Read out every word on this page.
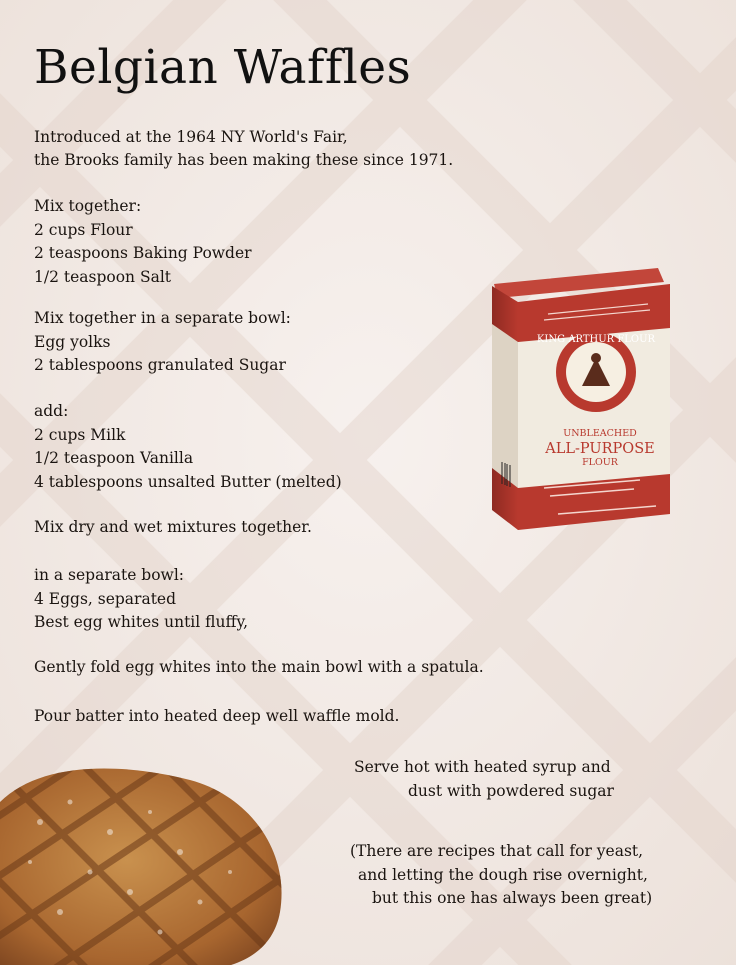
Belgian Waffles
Introduced at the 1964 NY World's Fair,
the Brooks family has been making these since 1971.
Mix together:
2 cups Flour
2 teaspoons Baking Powder
1/2 teaspoon Salt
Mix together in a separate bowl:
Egg yolks
2 tablespoons granulated Sugar
add:
2 cups Milk
1/2 teaspoon Vanilla
4 tablespoons unsalted Butter (melted)
Mix dry and wet mixtures together.
in a separate bowl:
4 Eggs, separated
Best egg whites until fluffy,
Gently fold egg whites into the main bowl with a spatula.
Pour batter into heated deep well waffle mold.
Serve hot with heated syrup and
dust with powdered sugar
(There are recipes that call for yeast,
and letting the dough rise overnight,
but this one has always been great)
KING ARTHUR FLOUR
UNBLEACHED
ALL-PURPOSE
FLOUR
